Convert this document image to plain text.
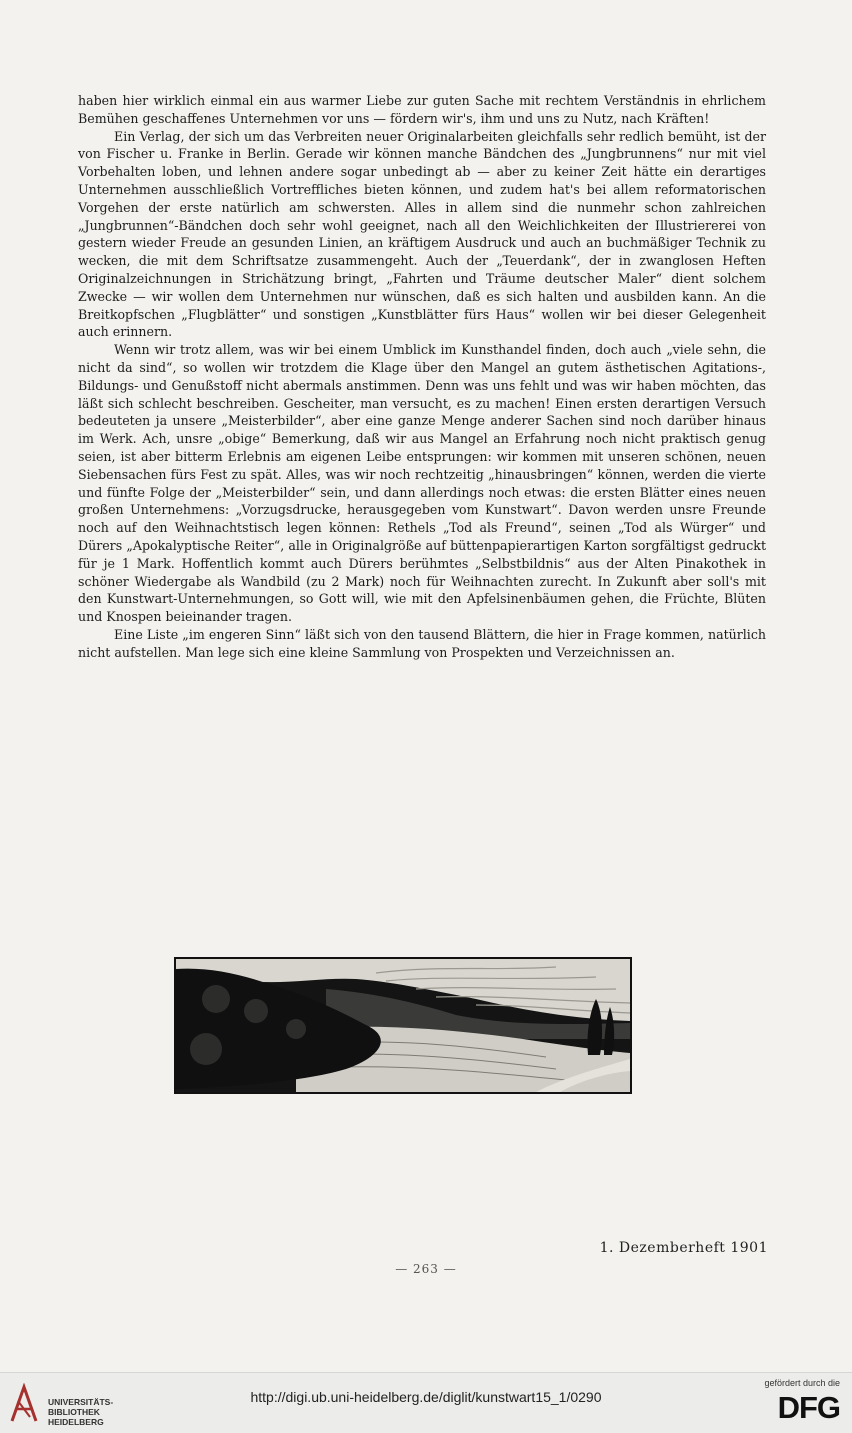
haben hier wirklich einmal ein aus warmer Liebe zur guten Sache mit rechtem Verständnis in ehrlichem Bemühen geschaffenes Unternehmen vor uns — fördern wir's, ihm und uns zu Nutz, nach Kräften!

Ein Verlag, der sich um das Verbreiten neuer Originalarbeiten gleichfalls sehr redlich bemüht, ist der von Fischer u. Franke in Berlin. Gerade wir können manche Bändchen des „Jungbrunnens“ nur mit viel Vorbehalten loben, und lehnen andere sogar unbedingt ab — aber zu keiner Zeit hätte ein derartiges Unternehmen ausschließlich Vortreffliches bieten können, und zudem hat's bei allem reformatorischen Vorgehen der erste natürlich am schwersten. Alles in allem sind die nunmehr schon zahlreichen „Jungbrunnen“-Bändchen doch sehr wohl geeignet, nach all den Weichlichkeiten der Illustriererei von gestern wieder Freude an gesunden Linien, an kräftigem Ausdruck und auch an buchmäßiger Technik zu wecken, die mit dem Schriftsatze zusammengeht. Auch der „Teuerdank“, der in zwanglosen Heften Originalzeichnungen in Strichätzung bringt, „Fahrten und Träume deutscher Maler“ dient solchem Zwecke — wir wollen dem Unternehmen nur wünschen, daß es sich halten und ausbilden kann. An die Breitkopfschen „Flugblätter“ und sonstigen „Kunstblätter fürs Haus“ wollen wir bei dieser Gelegenheit auch erinnern.

Wenn wir trotz allem, was wir bei einem Umblick im Kunsthandel finden, doch auch „viele sehn, die nicht da sind“, so wollen wir trotzdem die Klage über den Mangel an gutem ästhetischen Agitations-, Bildungs- und Genußstoff nicht abermals anstimmen. Denn was uns fehlt und was wir haben möchten, das läßt sich schlecht beschreiben. Gescheiter, man versucht, es zu machen! Einen ersten derartigen Versuch bedeuteten ja unsere „Meisterbilder“, aber eine ganze Menge anderer Sachen sind noch darüber hinaus im Werk. Ach, unsre „obige“ Bemerkung, daß wir aus Mangel an Erfahrung noch nicht praktisch genug seien, ist aber bitterm Erlebnis am eigenen Leibe entsprungen: wir kommen mit unseren schönen, neuen Siebensachen fürs Fest zu spät. Alles, was wir noch rechtzeitig „hinausbringen“ können, werden die vierte und fünfte Folge der „Meisterbilder“ sein, und dann allerdings noch etwas: die ersten Blätter eines neuen großen Unternehmens: „Vorzugsdrucke, herausgegeben vom Kunstwart“. Davon werden unsre Freunde noch auf den Weihnachtstisch legen können: Rethels „Tod als Freund“, seinen „Tod als Würger“ und Dürers „Apokalyptische Reiter“, alle in Originalgröße auf büttenpapierartigen Karton sorgfältigst gedruckt für je 1 Mark. Hoffentlich kommt auch Dürers berühmtes „Selbstbildnis“ aus der Alten Pinakothek in schöner Wiedergabe als Wandbild (zu 2 Mark) noch für Weihnachten zurecht. In Zukunft aber soll's mit den Kunstwart-Unternehmungen, so Gott will, wie mit den Apfelsinenbäumen gehen, die Früchte, Blüten und Knospen beieinander tragen.

Eine Liste „im engeren Sinn“ läßt sich von den tausend Blättern, die hier in Frage kommen, natürlich nicht aufstellen. Man lege sich eine kleine Sammlung von Prospekten und Verzeichnissen an.

1. Dezemberheft 1901
— 263 —
UNIVERSITÄTS-BIBLIOTHEK HEIDELBERG
http://digi.ub.uni-heidelberg.de/diglit/kunstwart15_1/0290
gefördert durch die
DFG
